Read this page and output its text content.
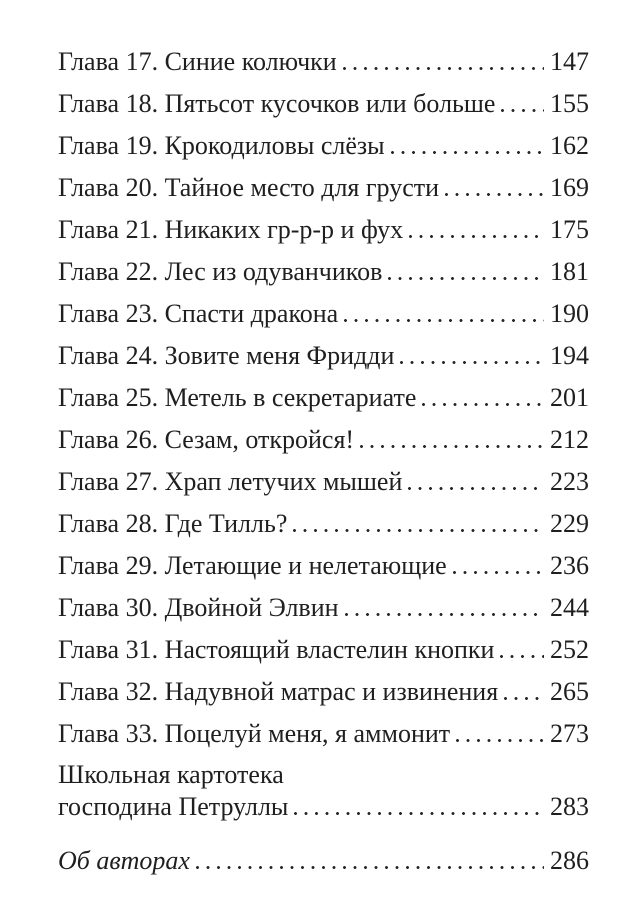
Глава 17. Синие колючки	147
Глава 18. Пятьсот кусочков или больше 155
Глава 19. Крокодиловы слёзы	162
Глава 20. Тайное место для грусти	169
Глава 21. Никаких гр-р-р и фух	175
Глава 22. Лес из одуванчиков	181
Глава 23. Спасти дракона	190
Глава 24. Зовите меня Фридди	194
Глава 25. Метель в секретариате	201
Глава 26. Сезам, откройся!	212
Глава 27. Храп летучих мышей	223
Глава 28. Где Тилль?	229
Глава 29. Летающие и нелетающие	236
Глава 30. Двойной Элвин	244
Глава 31. Настоящий властелин кнопки 252
Глава 32. Надувной матрас и извинения 265
Глава 33. Поцелуй меня, я аммонит	273
Школьная картотека
господина Петруллы	283
Об авторах	286
